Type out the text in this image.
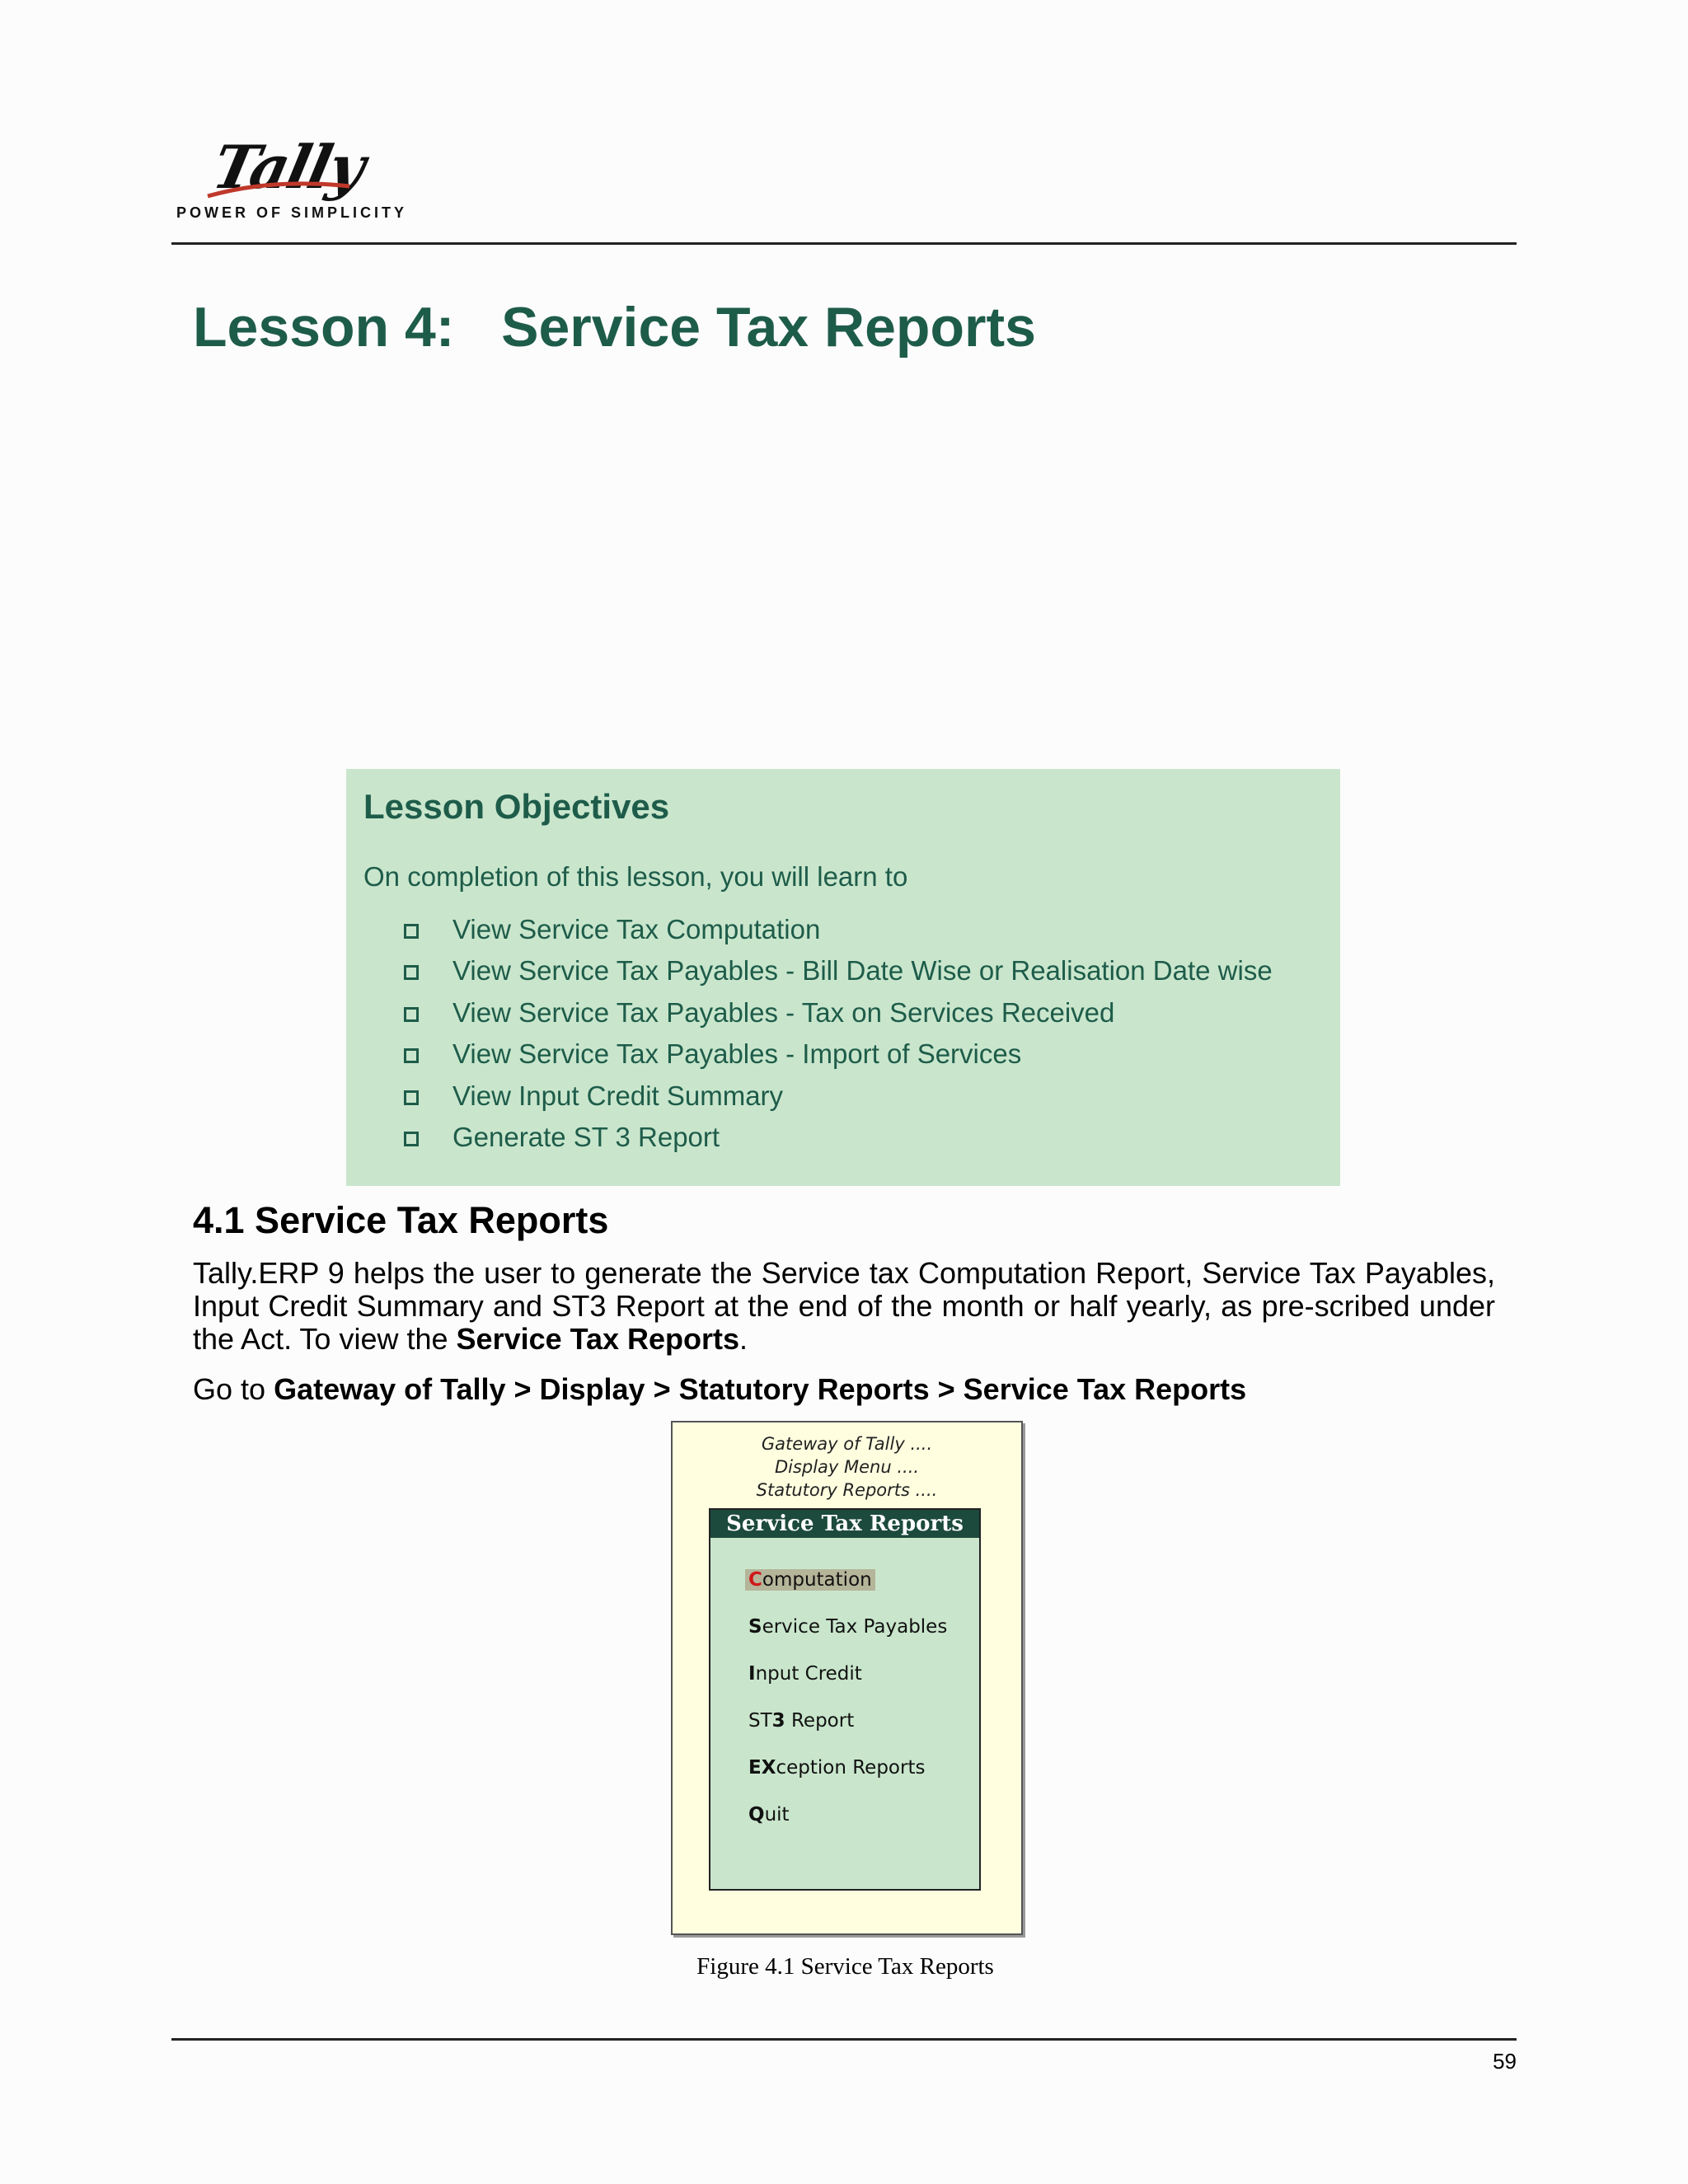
Tally
POWER OF SIMPLICITY
Lesson 4:   Service Tax Reports
Lesson Objectives
On completion of this lesson, you will learn to
View Service Tax Computation
View Service Tax Payables - Bill Date Wise or Realisation Date wise
View Service Tax Payables - Tax on Services Received
View Service Tax Payables - Import of Services
View Input Credit Summary
Generate ST 3 Report
4.1 Service Tax Reports

Tally.ERP 9 helps the user to generate the Service tax Computation Report, Service Tax Payables, Input Credit Summary and ST3 Report at the end of the month or half yearly, as pre-scribed under the Act. To view the Service Tax Reports.

Go to Gateway of Tally > Display > Statutory Reports > Service Tax Reports

Gateway of Tally ....
Display Menu ....
Statutory Reports ....
Service Tax Reports
Computation
Service Tax Payables
Input Credit
ST3 Report
EXception Reports
Quit
Figure 4.1 Service Tax Reports
59
